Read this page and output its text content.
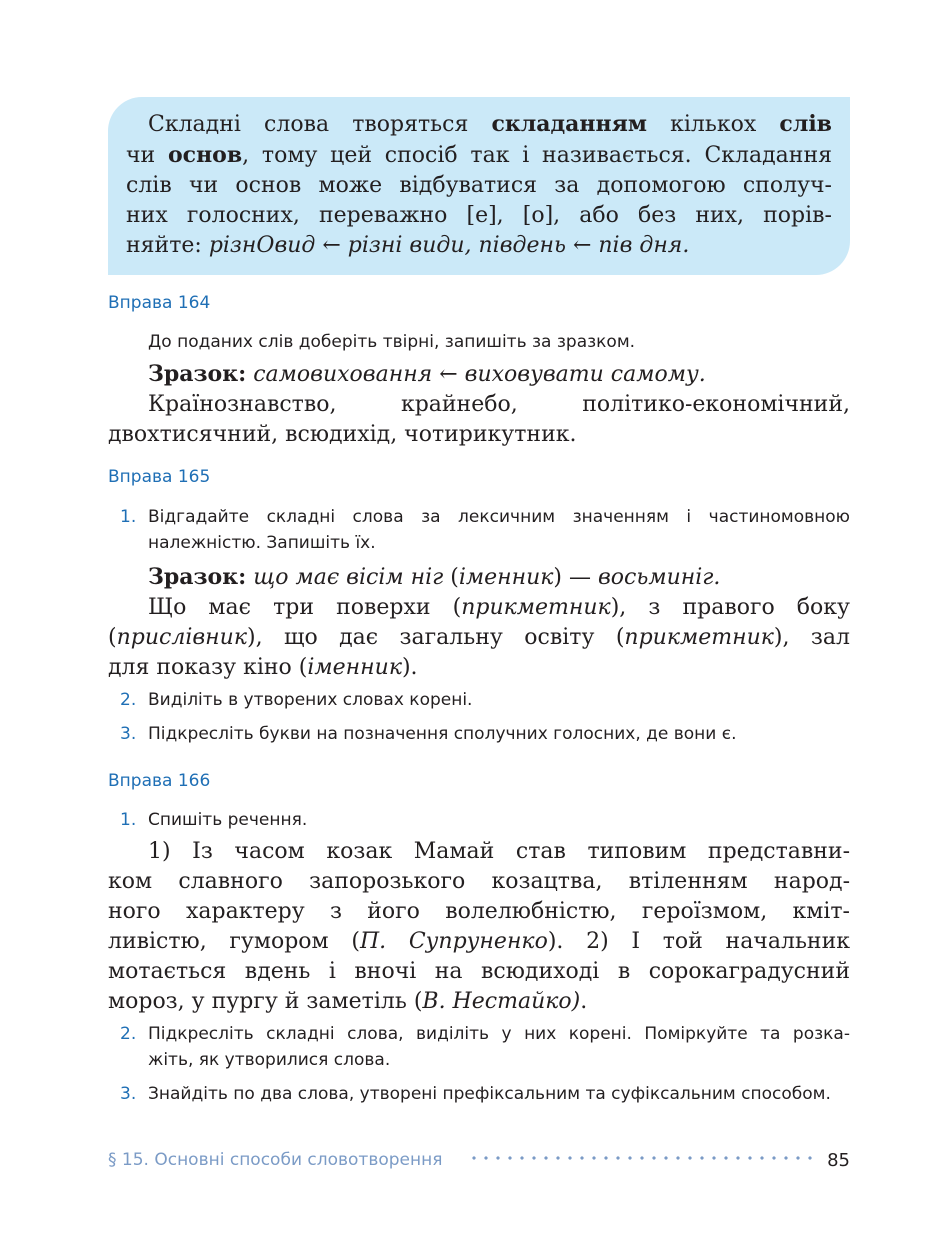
Складні слова творяться складанням кількох слів
чи основ, тому цей спосіб так і називається. Складання
слів чи основ може відбуватися за допомогою сполуч-
них голосних, переважно [е], [о], або без них, порів-
няйте: різнОвид ← різні види, південь ← пів дня.
Вправа 164
До поданих слів доберіть твірні, запишіть за зразком.
Зразок: самовиховання ← виховувати самому.
Країнознавство, крайнебо, політико-економічний,
двохтисячний, всюдихід, чотирикутник.
Вправа 165
1. Відгадайте складні слова за лексичним значенням і частиномовною
належністю. Запишіть їх.
Зразок: що має вісім ніг (іменник) — восьминіг.
Що має три поверхи (прикметник), з правого боку
(прислівник), що дає загальну освіту (прикметник), зал
для показу кіно (іменник).
2. Виділіть в утворених словах корені.
3. Підкресліть букви на позначення сполучних голосних, де вони є.
Вправа 166
1. Спишіть речення.
1) Із часом козак Мамай став типовим представни-
ком славного запорозького козацтва, втіленням народ-
ного характеру з його волелюбністю, героїзмом, кміт-
ливістю, гумором (П. Супруненко). 2) І той начальник
мотається вдень і вночі на всюдиході в сорокаградусний
мороз, у пургу й заметіль (В. Нестайко).
2. Підкресліть складні слова, виділіть у них корені. Поміркуйте та розка-
жіть, як утворилися слова.
3. Знайдіть по два слова, утворені префіксальним та суфіксальним способом.
§ 15. Основні способи словотворення	85
